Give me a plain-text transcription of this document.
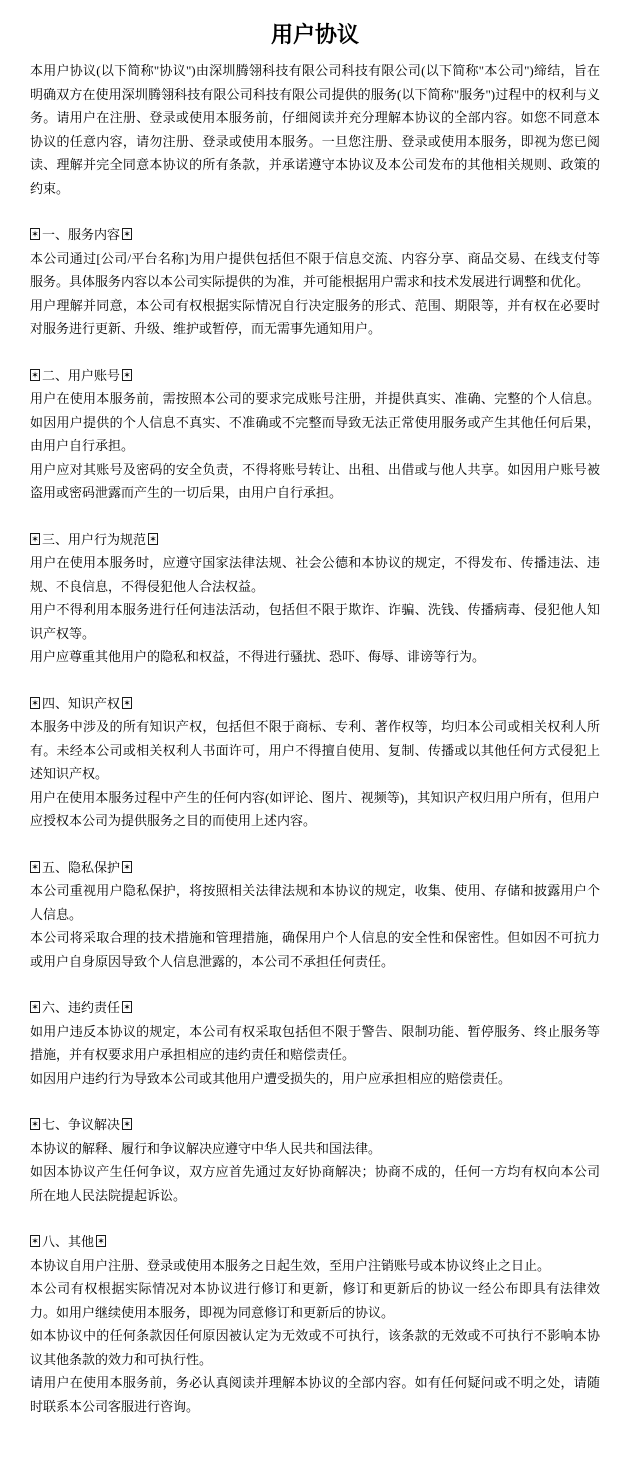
用户协议

本用户协议(以下简称"协议")由深圳腾翎科技有限公司科技有限公司(以下简称"本公司")缔结，旨在明确双方在使用深圳腾翎科技有限公司科技有限公司提供的服务(以下简称"服务")过程中的权利与义务。请用户在注册、登录或使用本服务前，仔细阅读并充分理解本协议的全部内容。如您不同意本协议的任意内容，请勿注册、登录或使用本服务。一旦您注册、登录或使用本服务，即视为您已阅读、理解并完全同意本协议的所有条款，并承诺遵守本协议及本公司发布的其他相关规则、政策的约束。

✶一、服务内容✶

本公司通过[公司/平台名称]为用户提供包括但不限于信息交流、内容分享、商品交易、在线支付等服务。具体服务内容以本公司实际提供的为准，并可能根据用户需求和技术发展进行调整和优化。

用户理解并同意，本公司有权根据实际情况自行决定服务的形式、范围、期限等，并有权在必要时对服务进行更新、升级、维护或暂停，而无需事先通知用户。

✶二、用户账号✶

用户在使用本服务前，需按照本公司的要求完成账号注册，并提供真实、准确、完整的个人信息。如因用户提供的个人信息不真实、不准确或不完整而导致无法正常使用服务或产生其他任何后果，由用户自行承担。

用户应对其账号及密码的安全负责，不得将账号转让、出租、出借或与他人共享。如因用户账号被盗用或密码泄露而产生的一切后果，由用户自行承担。

✶三、用户行为规范✶

用户在使用本服务时，应遵守国家法律法规、社会公德和本协议的规定，不得发布、传播违法、违规、不良信息，不得侵犯他人合法权益。

用户不得利用本服务进行任何违法活动，包括但不限于欺诈、诈骗、洗钱、传播病毒、侵犯他人知识产权等。

用户应尊重其他用户的隐私和权益，不得进行骚扰、恐吓、侮辱、诽谤等行为。

✶四、知识产权✶

本服务中涉及的所有知识产权，包括但不限于商标、专利、著作权等，均归本公司或相关权利人所有。未经本公司或相关权利人书面许可，用户不得擅自使用、复制、传播或以其他任何方式侵犯上述知识产权。

用户在使用本服务过程中产生的任何内容(如评论、图片、视频等)，其知识产权归用户所有，但用户应授权本公司为提供服务之目的而使用上述内容。

✶五、隐私保护✶

本公司重视用户隐私保护，将按照相关法律法规和本协议的规定，收集、使用、存储和披露用户个人信息。

本公司将采取合理的技术措施和管理措施，确保用户个人信息的安全性和保密性。但如因不可抗力或用户自身原因导致个人信息泄露的，本公司不承担任何责任。

✶六、违约责任✶

如用户违反本协议的规定，本公司有权采取包括但不限于警告、限制功能、暂停服务、终止服务等措施，并有权要求用户承担相应的违约责任和赔偿责任。

如因用户违约行为导致本公司或其他用户遭受损失的，用户应承担相应的赔偿责任。

✶七、争议解决✶

本协议的解释、履行和争议解决应遵守中华人民共和国法律。

如因本协议产生任何争议，双方应首先通过友好协商解决；协商不成的，任何一方均有权向本公司所在地人民法院提起诉讼。

✶八、其他✶

本协议自用户注册、登录或使用本服务之日起生效，至用户注销账号或本协议终止之日止。

本公司有权根据实际情况对本协议进行修订和更新，修订和更新后的协议一经公布即具有法律效力。如用户继续使用本服务，即视为同意修订和更新后的协议。

如本协议中的任何条款因任何原因被认定为无效或不可执行，该条款的无效或不可执行不影响本协议其他条款的效力和可执行性。

请用户在使用本服务前，务必认真阅读并理解本协议的全部内容。如有任何疑问或不明之处，请随时联系本公司客服进行咨询。
